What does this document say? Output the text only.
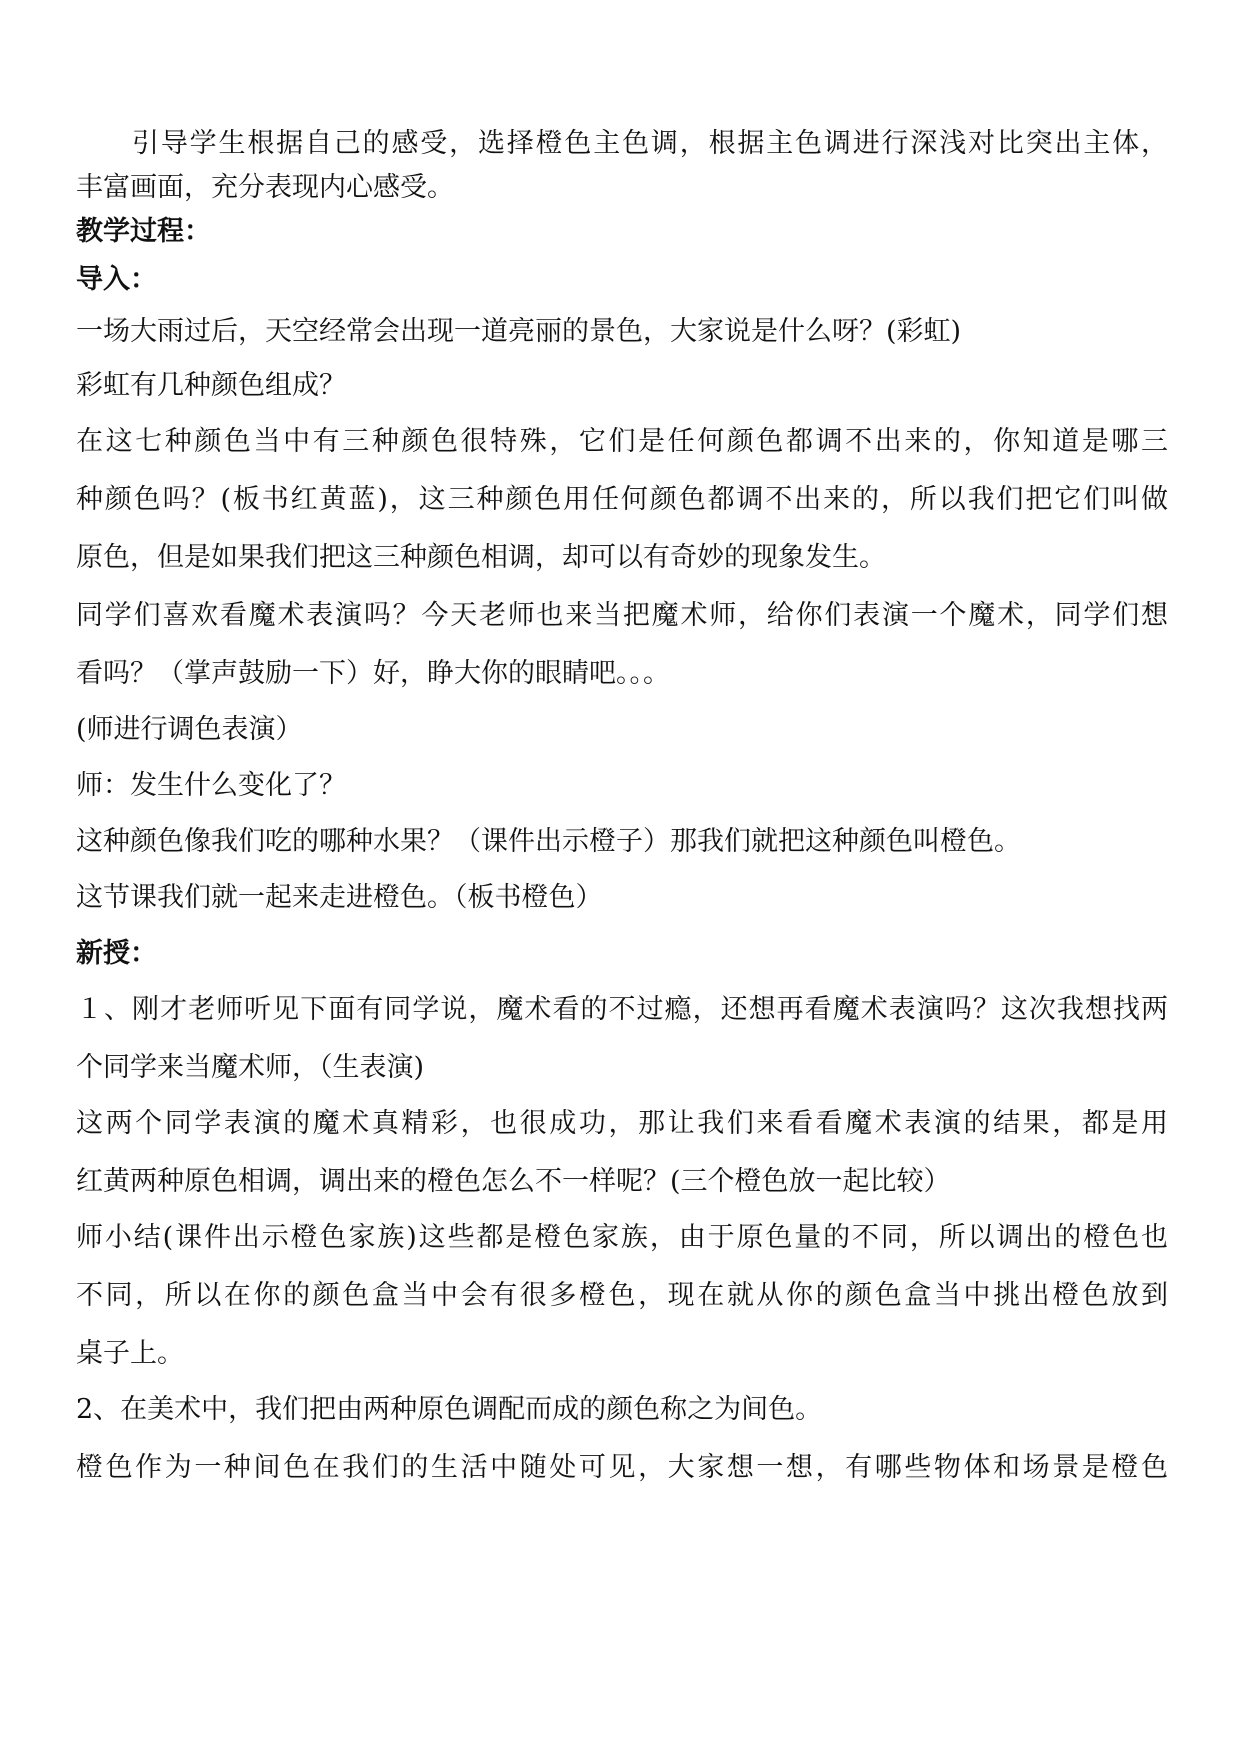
引导学生根据自己的感受，选择橙色主色调，根据主色调进行深浅对比突出主体，
丰富画面，充分表现内心感受。
教学过程：
导入：
一场大雨过后，天空经常会出现一道亮丽的景色，大家说是什么呀？(彩虹)
彩虹有几种颜色组成？
在这七种颜色当中有三种颜色很特殊，它们是任何颜色都调不出来的，你知道是哪三
种颜色吗？(板书红黄蓝)，这三种颜色用任何颜色都调不出来的，所以我们把它们叫做
原色，但是如果我们把这三种颜色相调，却可以有奇妙的现象发生。
同学们喜欢看魔术表演吗？今天老师也来当把魔术师，给你们表演一个魔术，同学们想
看吗？（掌声鼓励一下）好，睁大你的眼睛吧。。。
(师进行调色表演）
师：发生什么变化了？
这种颜色像我们吃的哪种水果？（课件出示橙子）那我们就把这种颜色叫橙色。
这节课我们就一起来走进橙色。（板书橙色）
新授：
１、刚才老师听见下面有同学说，魔术看的不过瘾，还想再看魔术表演吗？这次我想找两
个同学来当魔术师，（生表演)
这两个同学表演的魔术真精彩，也很成功，那让我们来看看魔术表演的结果，都是用
红黄两种原色相调，调出来的橙色怎么不一样呢？(三个橙色放一起比较）
师小结(课件出示橙色家族)这些都是橙色家族，由于原色量的不同，所以调出的橙色也
不同，所以在你的颜色盒当中会有很多橙色，现在就从你的颜色盒当中挑出橙色放到
桌子上。
2、在美术中，我们把由两种原色调配而成的颜色称之为间色。
橙色作为一种间色在我们的生活中随处可见，大家想一想，有哪些物体和场景是橙色
